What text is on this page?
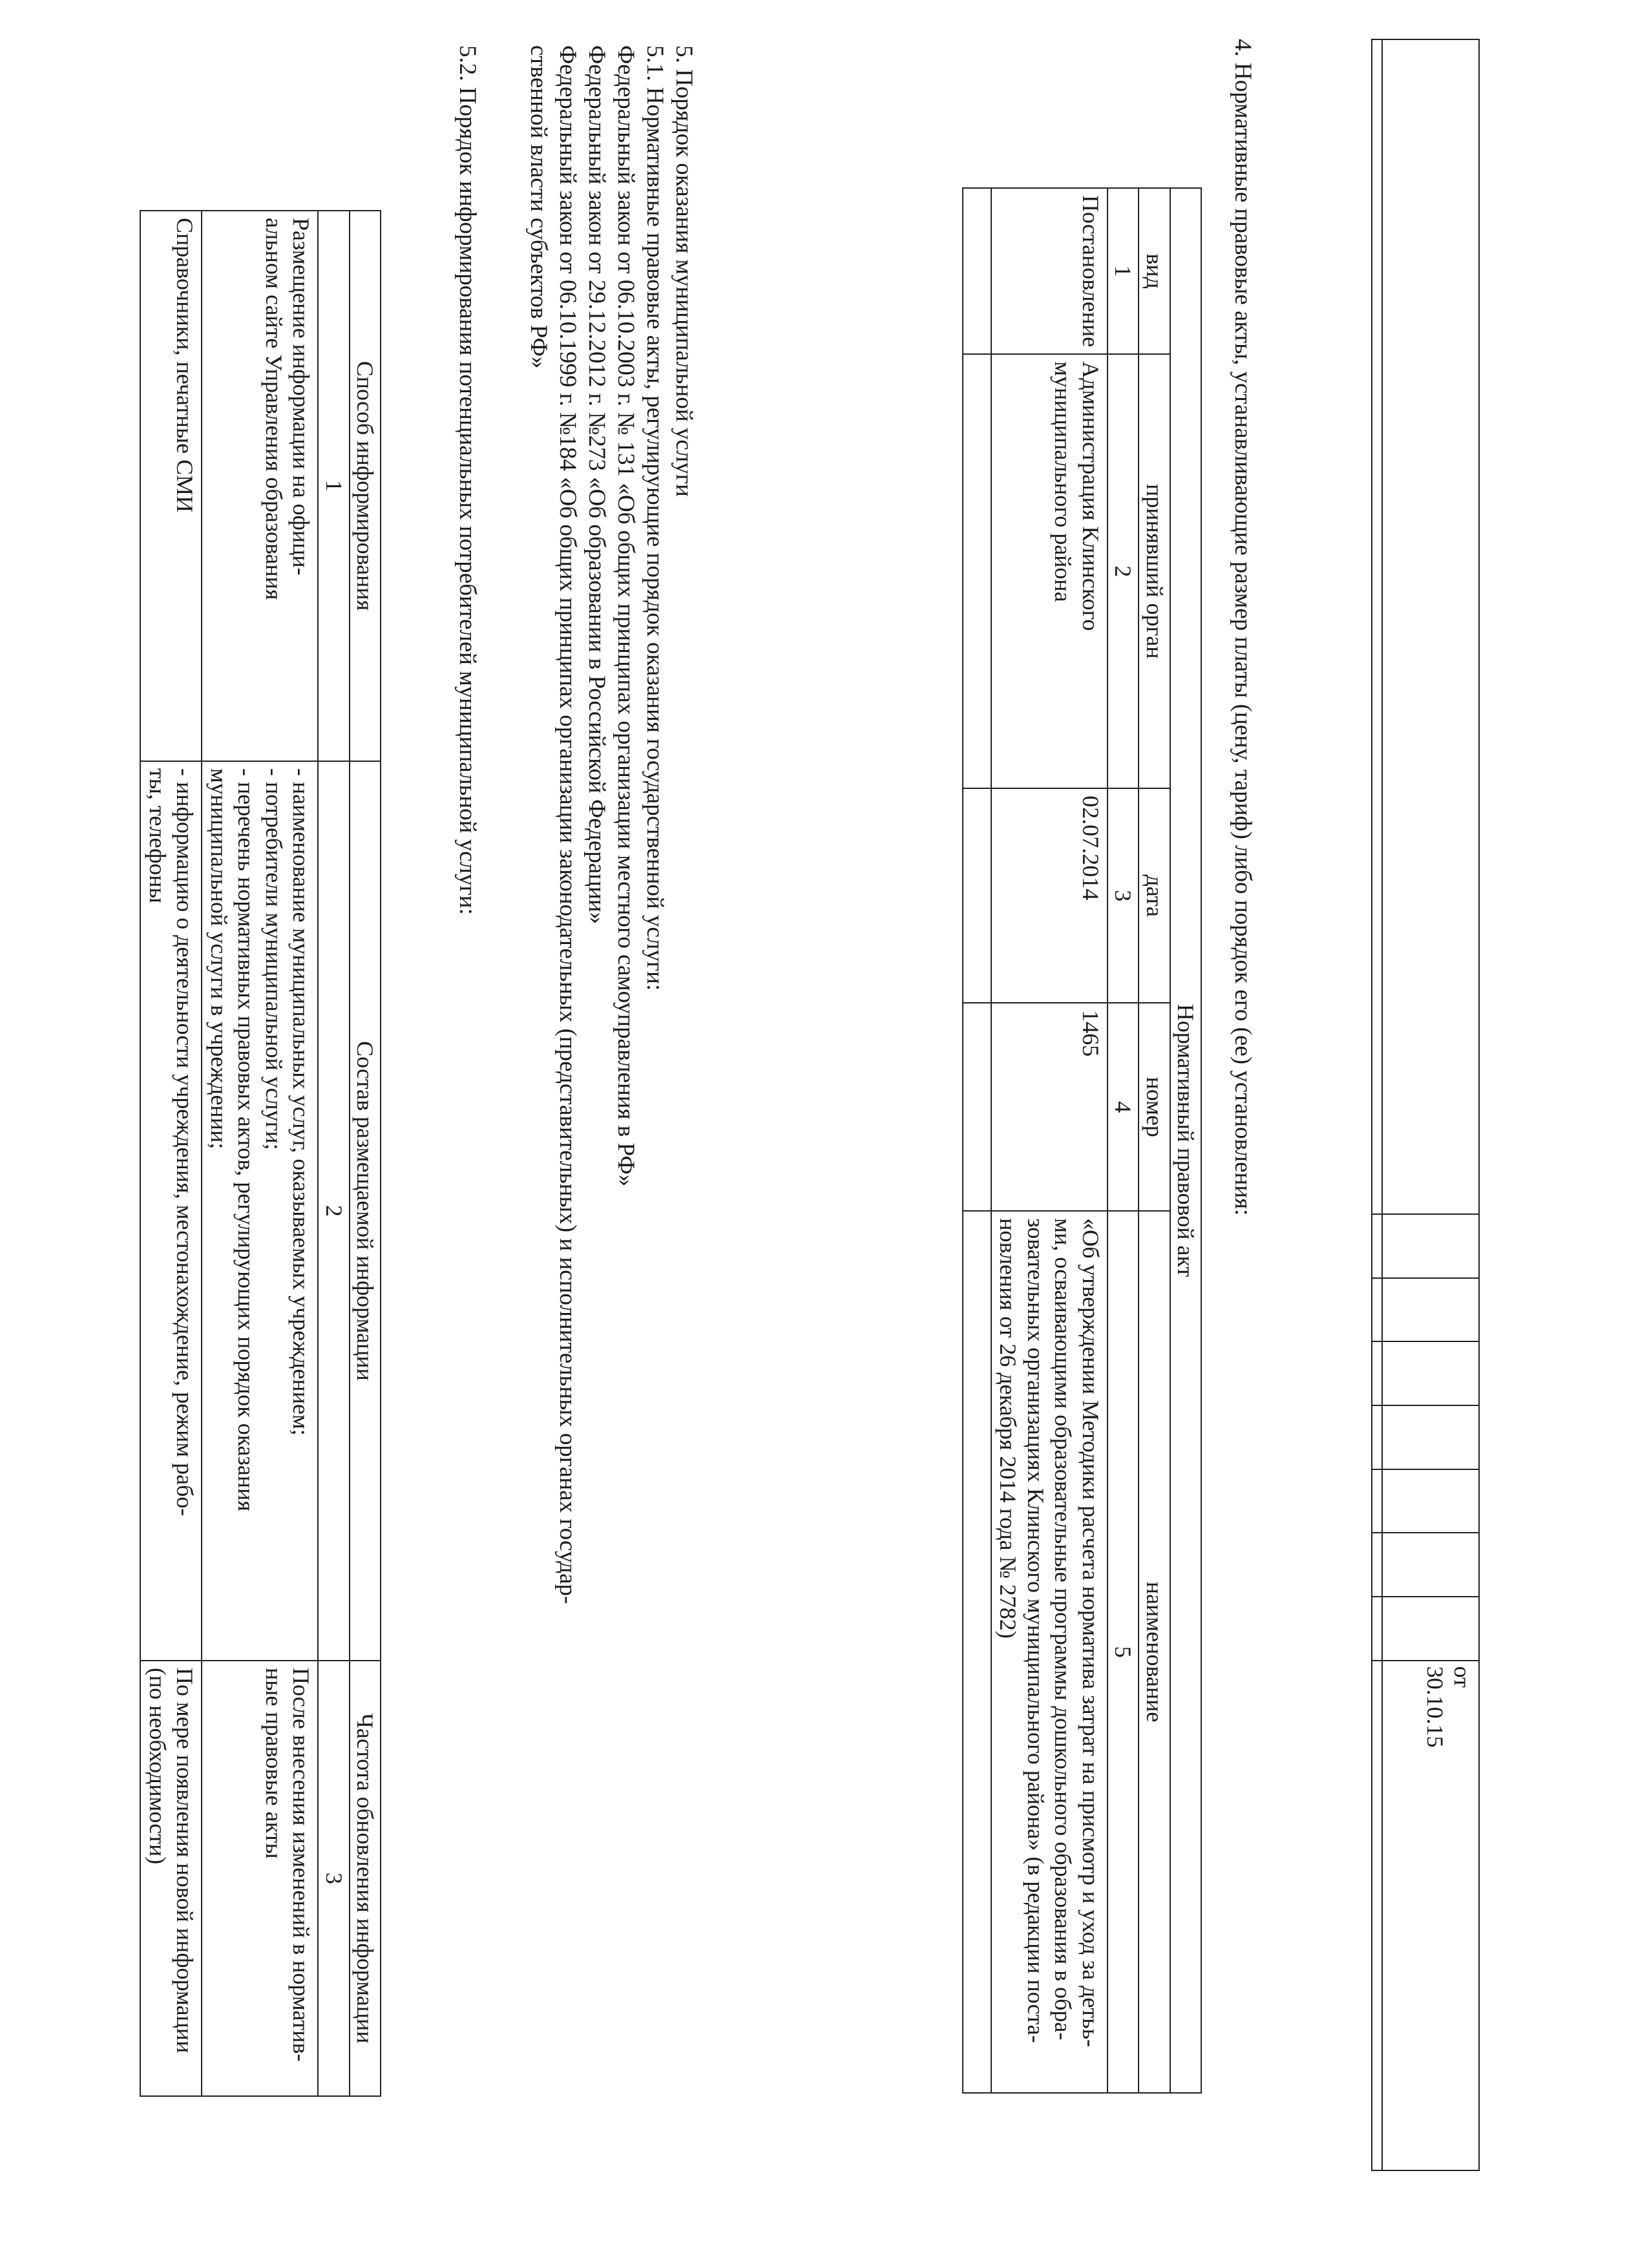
								от
30.10.15

4. Нормативные правовые акты, устанавливающие размер платы (цену, тариф) либо порядок его (ее) установления:
Нормативный правовой акт				
вид	принявший орган	дата	номер	наименование
1	2	3	4	5
Постановление	Администрация Клинского
муниципального района	02.07.2014	1465	«Об утверждении Методики расчета норматива затрат на присмотр и уход за детьь-
ми, осваивающими образовательные программы дошкольного образования в обра-
зовательных организациях Клинского муниципального района» (в редакции поста-
новления от 26 декабря 2014 года № 2782)

5. Порядок оказания муниципальной услуги
5.1. Нормативные правовые акты, регулирующие порядок оказания государственной услуги:
Федеральный закон от 06.10.2003 г. № 131 «Об общих принципах организации местного самоуправления в РФ»
Федеральный закон от 29.12.2012 г. №273 «Об образовании в Российской Федерации»
Федеральный закон от 06.10.1999 г. №184 «Об общих принципах организации законодательных (представительных) и исполнительных органах государ-
ственной власти субъектов РФ»
5.2. Порядок информирования потенциальных потребителей муниципальной услуги:
Способ информирования	Состав размещаемой информации	Частота обновления информации
1	2	3

Размещение информации на офици-
альном сайте Управления образования	- наименование муниципальных услуг, оказываемых учреждением;
- потребители муниципальной услуги;
- перечень нормативных правовых актов, регулирующих порядок оказания
муниципальной услуги в учреждении;	После внесения изменений в норматив-
ные правовые акты

Справочники, печатные СМИ	- информацию о деятельности учреждения, местонахождение, режим рабо-
ты, телефоны	По мере появления новой информации
(по необходимости)
